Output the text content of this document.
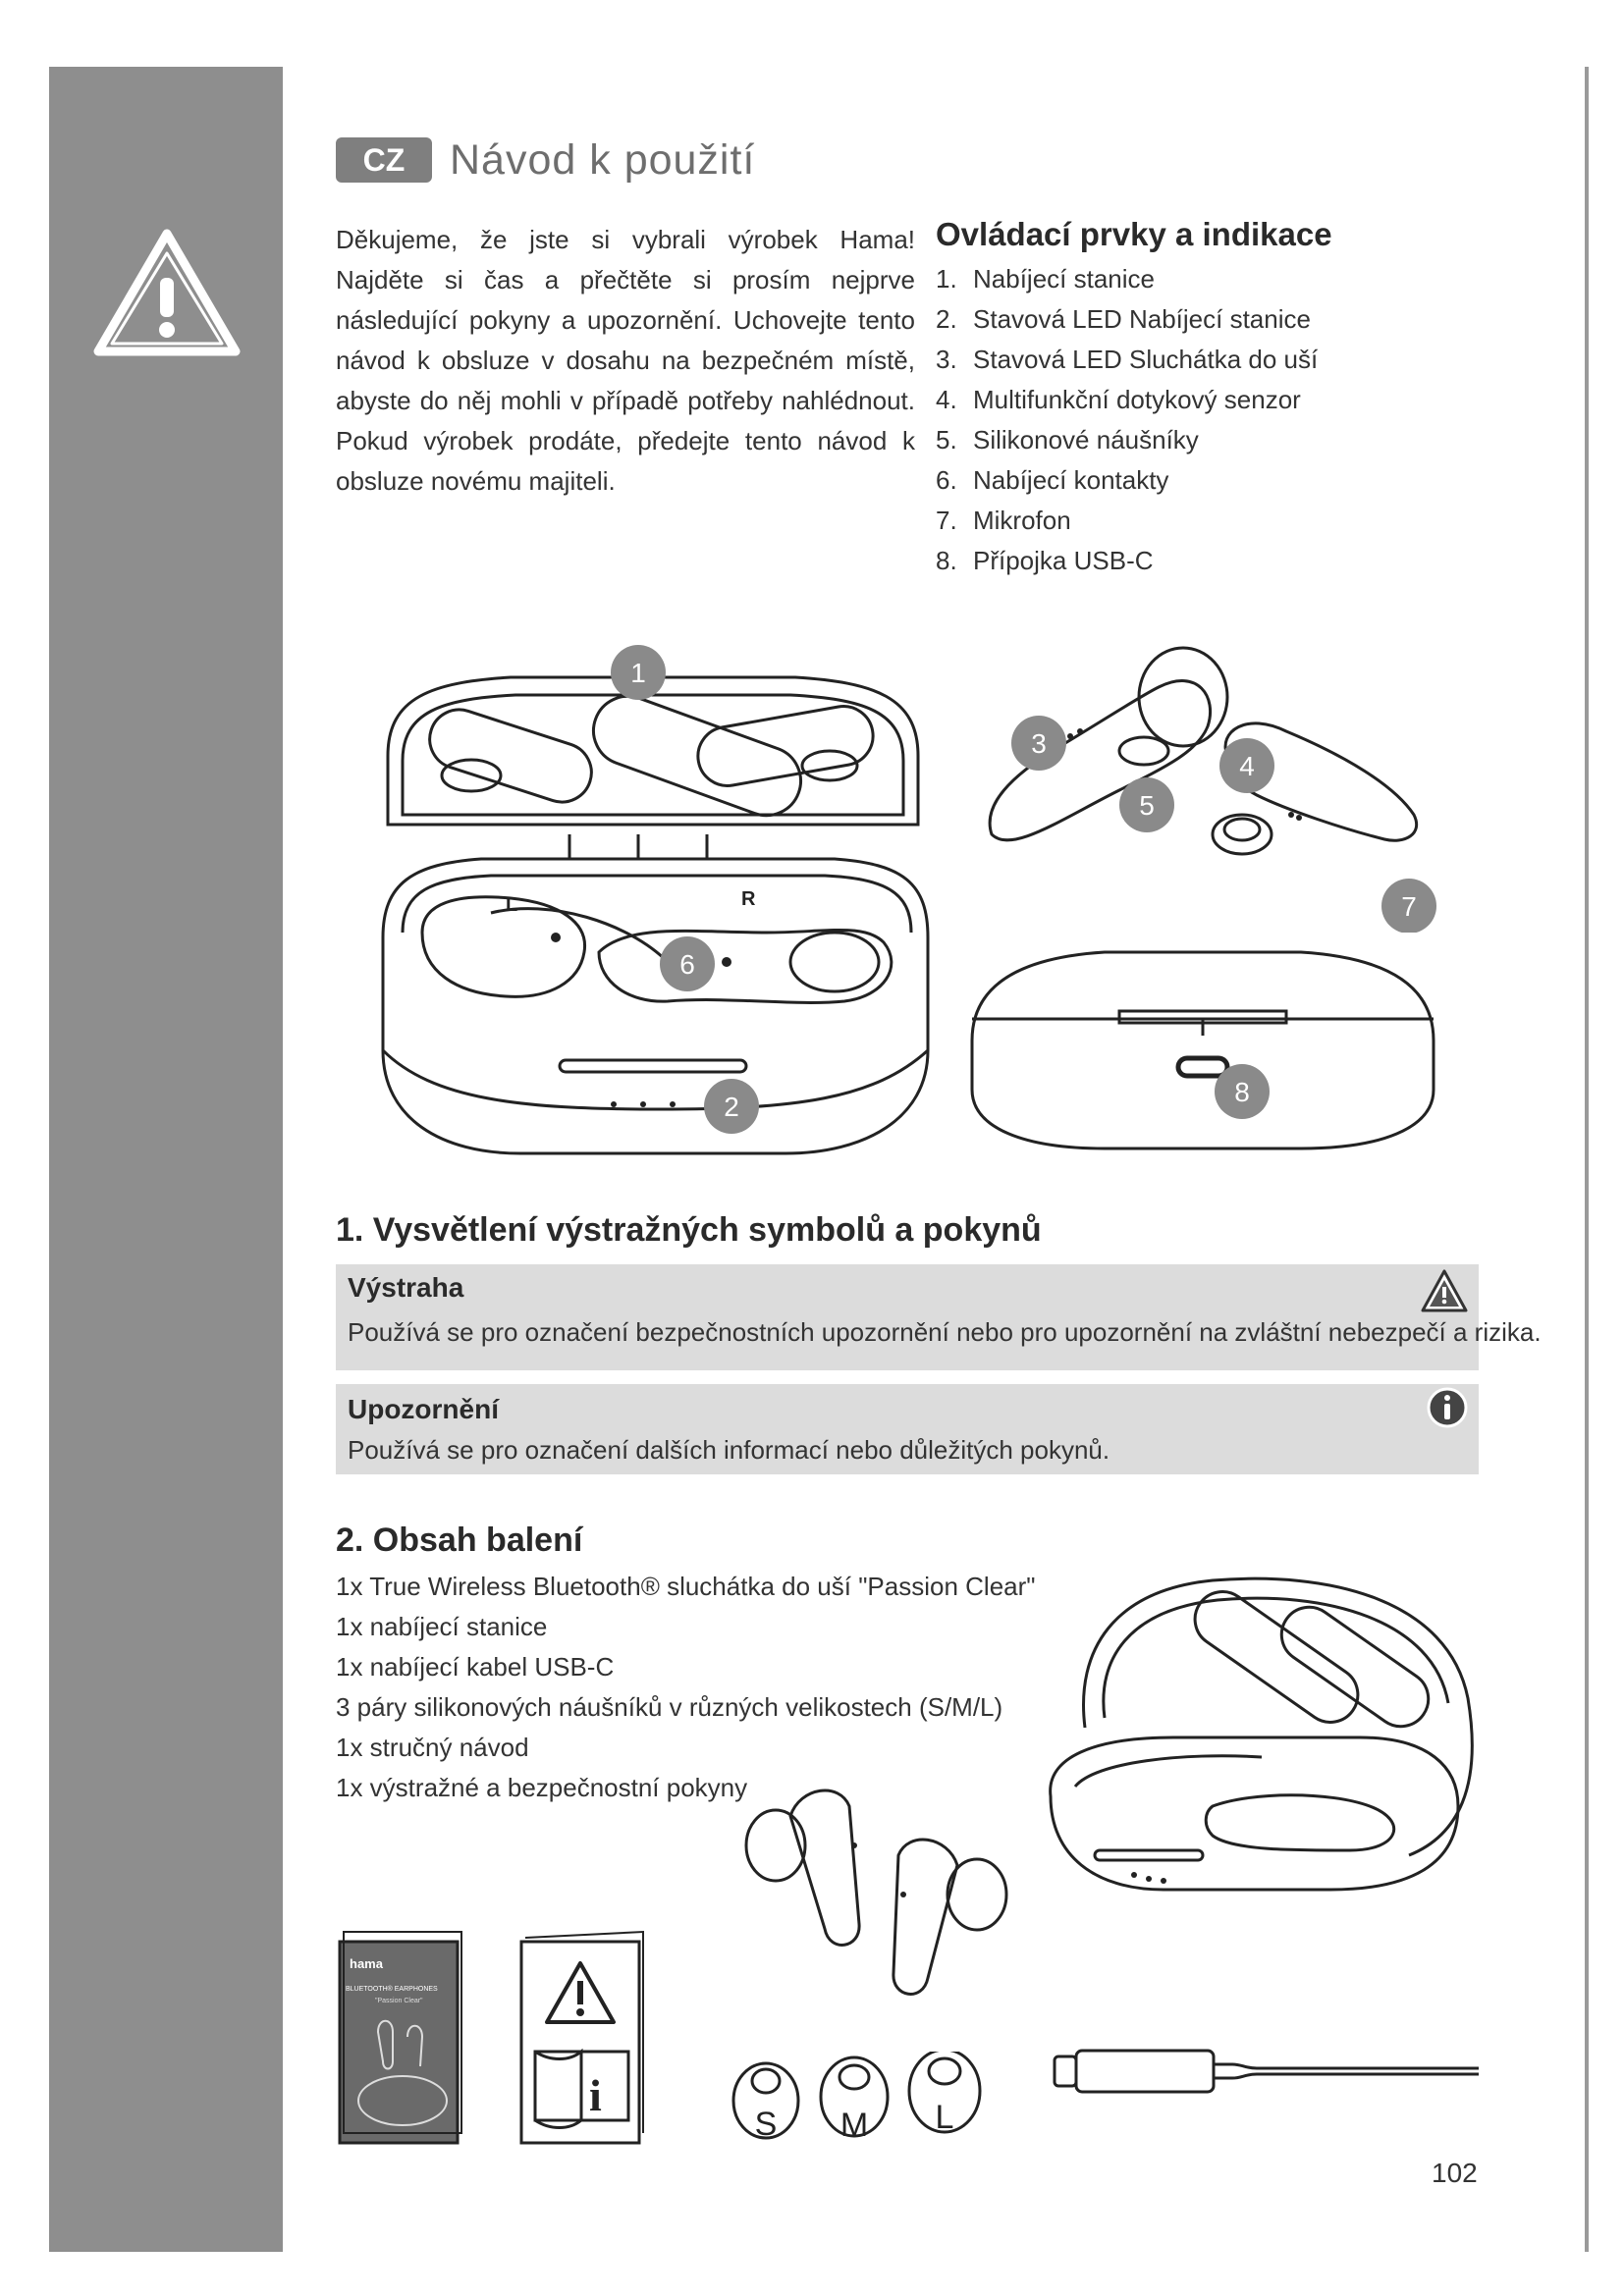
CZ	Návod k použití

Děkujeme, že jste si vybrali výrobek Hama! Najděte si čas a přečtěte si prosím nejprve následující pokyny a upozornění. Uchovejte tento návod k obsluze v dosahu na bezpečném místě, abyste do něj mohli v případě potřeby nahlédnout. Pokud výrobek prodáte, předejte tento návod k obsluze novému majiteli.

Ovládací prvky a indikace
1. Nabíjecí stanice
2. Stavová LED Nabíjecí stanice
3. Stavová LED Sluchátka do uší
4. Multifunkční dotykový senzor
5. Silikonové náušníky
6. Nabíjecí kontakty
7. Mikrofon
8. Přípojka USB-C
L	R
1
6
2
3
4
5
7
8
1. Vysvětlení výstražných symbolů a pokynů
Výstraha
Používá se pro označení bezpečnostních upozornění nebo pro upozornění na zvláštní nebezpečí a rizika.
Upozornění
Používá se pro označení dalších informací nebo důležitých pokynů.
2. Obsah balení
1x True Wireless Bluetooth® sluchátka do uší "Passion Clear"
1x nabíjecí stanice
1x nabíjecí kabel USB-C
3 páry silikonových náušníků v různých velikostech (S/M/L)
1x stručný návod
1x výstražné a bezpečnostní pokyny
hama
BLUETOOTH® EARPHONES
"Passion Clear"
i
S M L
102
